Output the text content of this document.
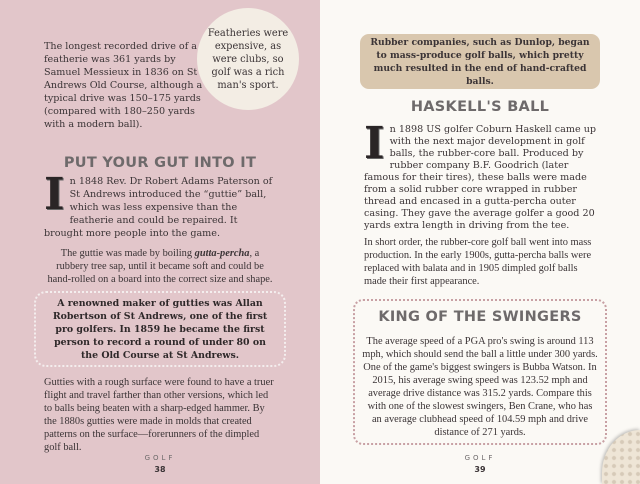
The longest recorded drive of a featherie was 361 yards by Samuel Messieux in 1836 on St Andrews Old Course, although a typical drive was 150–175 yards (compared with 180–250 yards with a modern ball).

Featheries were expensive, as were clubs, so golf was a rich man's sport.

PUT YOUR GUT INTO IT
In 1848 Rev. Dr Robert Adams Paterson of St Andrews introduced the “guttie” ball, which was less expensive than the featherie and could be repaired. It brought more people into the game.

The guttie was made by boiling gutta-percha, a rubbery tree sap, until it became soft and could be hand-rolled on a board into the correct size and shape.

A renowned maker of gutties was Allan Robertson of St Andrews, one of the first pro golfers. In 1859 he became the first person to record a round of under 80 on the Old Course at St Andrews.

Gutties with a rough surface were found to have a truer flight and travel farther than other versions, which led to balls being beaten with a sharp-edged hammer. By the 1880s gutties were made in molds that created patterns on the surface—forerunners of the dimpled golf ball.

GOLF
38

Rubber companies, such as Dunlop, began to mass-produce golf balls, which pretty much resulted in the end of hand-crafted balls.

HASKELL'S BALL
In 1898 US golfer Coburn Haskell came up with the next major development in golf balls, the rubber-core ball. Produced by rubber company B.F. Goodrich (later famous for their tires), these balls were made from a solid rubber core wrapped in rubber thread and encased in a gutta-percha outer casing. They gave the average golfer a good 20 yards extra length in driving from the tee.

In short order, the rubber-core golf ball went into mass production. In the early 1900s, gutta-percha balls were replaced with balata and in 1905 dimpled golf balls made their first appearance.

KING OF THE SWINGERS

The average speed of a PGA pro's swing is around 113 mph, which should send the ball a little under 300 yards. One of the game's biggest swingers is Bubba Watson. In 2015, his average swing speed was 123.52 mph and average drive distance was 315.2 yards. Compare this with one of the slowest swingers, Ben Crane, who has an average clubhead speed of 104.59 mph and drive distance of 271 yards.

GOLF
39
